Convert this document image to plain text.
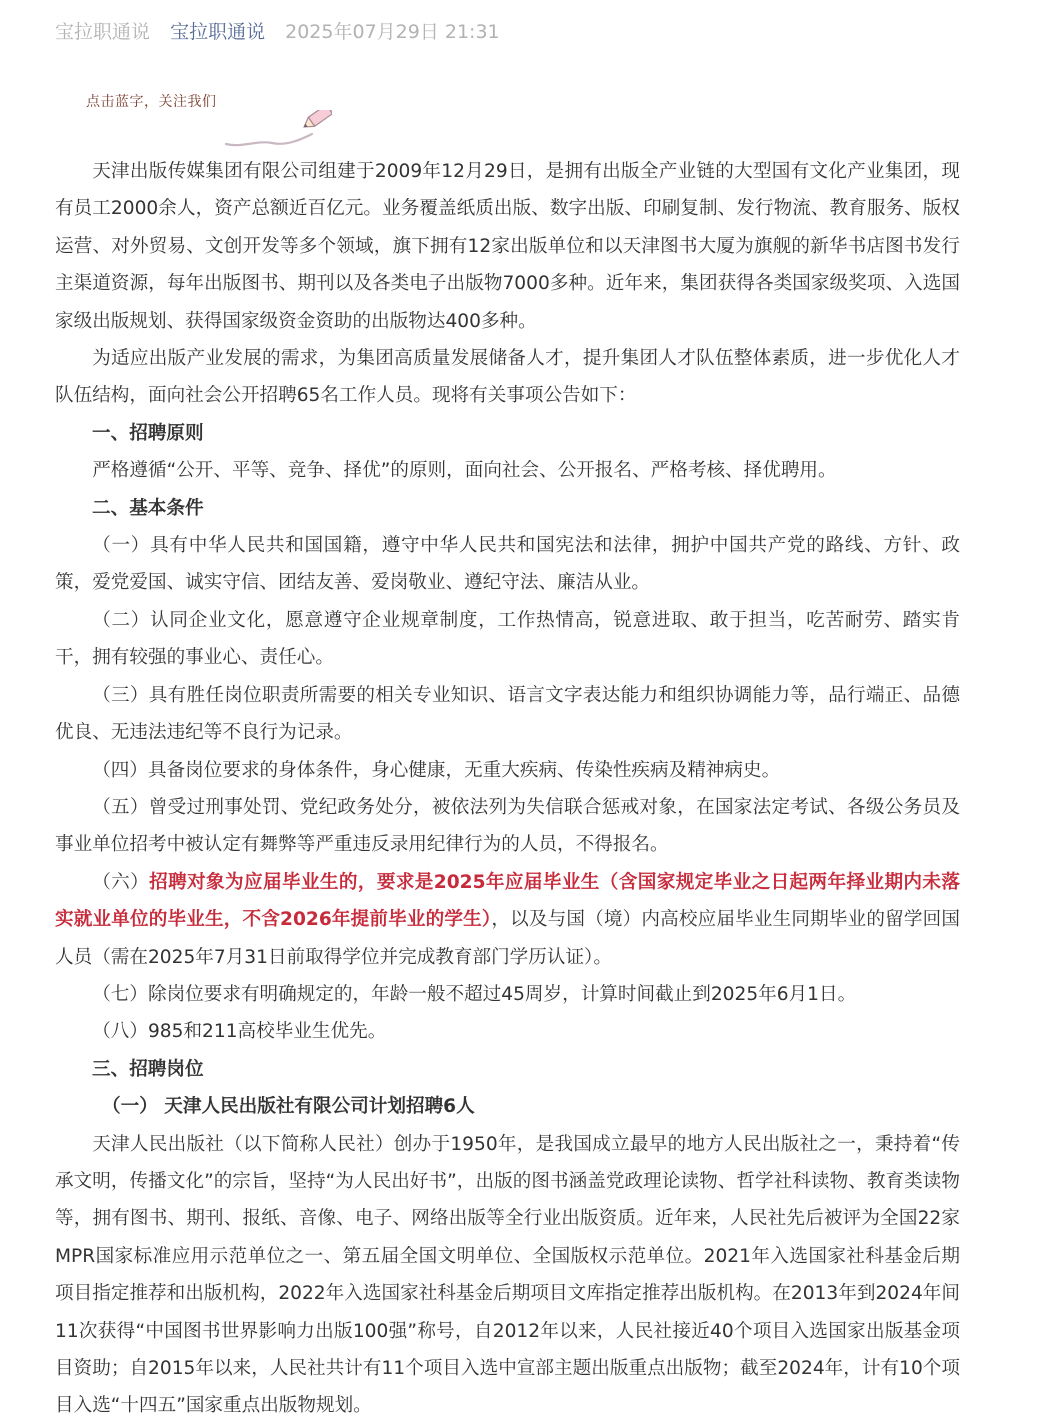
宝拉职通说 宝拉职通说 2025年07月29日 21:31
点击蓝字，关注我们

天津出版传媒集团有限公司组建于2009年12月29日，是拥有出版全产业链的大型国有文化产业集团，现有员工2000余人，资产总额近百亿元。业务覆盖纸质出版、数字出版、印刷复制、发行物流、教育服务、版权运营、对外贸易、文创开发等多个领域，旗下拥有12家出版单位和以天津图书大厦为旗舰的新华书店图书发行主渠道资源，每年出版图书、期刊以及各类电子出版物7000多种。近年来，集团获得各类国家级奖项、入选国家级出版规划、获得国家级资金资助的出版物达400多种。

为适应出版产业发展的需求，为集团高质量发展储备人才，提升集团人才队伍整体素质，进一步优化人才队伍结构，面向社会公开招聘65名工作人员。现将有关事项公告如下：

一、招聘原则

严格遵循“公开、平等、竞争、择优”的原则，面向社会、公开报名、严格考核、择优聘用。

二、基本条件

（一）具有中华人民共和国国籍，遵守中华人民共和国宪法和法律，拥护中国共产党的路线、方针、政策，爱党爱国、诚实守信、团结友善、爱岗敬业、遵纪守法、廉洁从业。

（二）认同企业文化，愿意遵守企业规章制度，工作热情高，锐意进取、敢于担当，吃苦耐劳、踏实肯干，拥有较强的事业心、责任心。

（三）具有胜任岗位职责所需要的相关专业知识、语言文字表达能力和组织协调能力等，品行端正、品德优良、无违法违纪等不良行为记录。

（四）具备岗位要求的身体条件，身心健康，无重大疾病、传染性疾病及精神病史。

（五）曾受过刑事处罚、党纪政务处分，被依法列为失信联合惩戒对象，在国家法定考试、各级公务员及事业单位招考中被认定有舞弊等严重违反录用纪律行为的人员，不得报名。

（六）招聘对象为应届毕业生的，要求是2025年应届毕业生（含国家规定毕业之日起两年择业期内未落实就业单位的毕业生，不含2026年提前毕业的学生），以及与国（境）内高校应届毕业生同期毕业的留学回国人员（需在2025年7月31日前取得学位并完成教育部门学历认证）。

（七）除岗位要求有明确规定的，年龄一般不超过45周岁，计算时间截止到2025年6月1日。

（八）985和211高校毕业生优先。

三、招聘岗位

（一） 天津人民出版社有限公司计划招聘6人

天津人民出版社（以下简称人民社）创办于1950年，是我国成立最早的地方人民出版社之一，秉持着“传承文明，传播文化”的宗旨，坚持“为人民出好书”，出版的图书涵盖党政理论读物、哲学社科读物、教育类读物等，拥有图书、期刊、报纸、音像、电子、网络出版等全行业出版资质。近年来，人民社先后被评为全国22家MPR国家标准应用示范单位之一、第五届全国文明单位、全国版权示范单位。2021年入选国家社科基金后期项目指定推荐和出版机构，2022年入选国家社科基金后期项目文库指定推荐出版机构。在2013年到2024年间11次获得“中国图书世界影响力出版100强”称号，自2012年以来，人民社接近40个项目入选国家出版基金项目资助；自2015年以来，人民社共计有11个项目入选中宣部主题出版重点出版物；截至2024年，计有10个项目入选“十四五”国家重点出版物规划。
